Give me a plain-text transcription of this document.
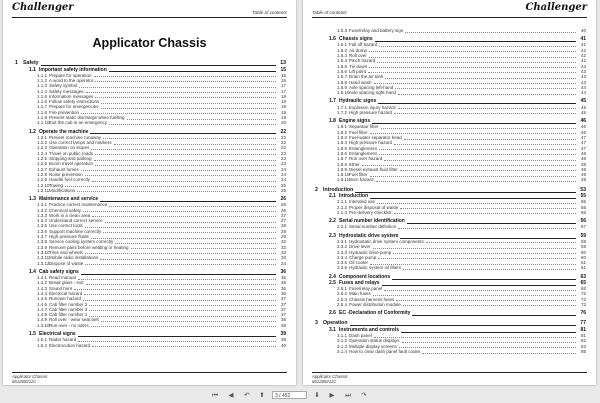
Challenger	Table of contents
Applicator Chassis
1 Safety	13
1.1 Important safety information	15
1.1.1 Prepare for operation	15
1.1.2 A word to the operator	16
1.1.3 Safety symbol	17
1.1.4 Safety messages	17
1.1.5 Information messages	18
1.1.6 Follow safety instructions	18
1.1.7 Prepare for emergencies	19
1.1.8 Fire prevention	19
1.1.9 Prevent static discharge when fuelling	19
1.1.10 Exit the cab in an emergency	20
1.2 Operate the machine	22
1.2.1 Prevent machine runaway	22
1.2.2 Use correct lamps and markers	22
1.2.3 Operation on slopes	22
1.2.4 Travel on public roads	23
1.2.5 Stopping and parking	23
1.2.6 Boom travel operation	23
1.2.7 Exhaust fumes	24
1.2.8 Noise prevention	24
1.2.9 Handle fuel correctly	24
1.2.10 Towing	25
1.2.11 Modifications	25
1.3 Maintenance and service	26
1.3.1 Practice correct maintenance	26
1.3.2 Chemical safety	26
1.3.3 Work in a clean area	27
1.3.4 Understand correct service	27
1.3.5 Use correct tools	28
1.3.6 Support machine correctly	28
1.3.7 High pressure fluids	29
1.3.8 Service cooling system correctly	32
1.3.9 Remove paint before welding or heating	32
1.3.10 Tires and wheels	33
1.3.11 Mobile radio installations	33
1.3.12 Dispose of waste	34
1.4 Cab safety signs	36
1.4.1 Read manual	36
1.4.2 Break glass - exit	36
1.4.3 Sound horn	36
1.4.4 Electrical hazard	36
1.4.5 Runover hazard	37
1.4.6 Cab filter number 2	37
1.4.7 Cab filter number 3	37
1.4.8 Cab filter number 1	37
1.4.9 Roll over - wear seat belt	38
1.4.10 Run over - no riders	38
1.5 Electrical signs	39
1.5.1 Radar hazard	39
1.5.2 Electrocution hazard	40
Applicator Chassis
661268211C
Table of contents	Challenger
1.5.3 Fuse/relay and battery sign	40
1.6 Chassis signs	41
1.6.1 Fall off hazard	41
1.6.2 Air dump	42
1.6.3 Roll over	42
1.6.4 Pinch hazard	42
1.6.5 Tie down	43
1.6.6 Lift point	43
1.6.7 Drain the air tank	43
1.6.8 Hand wash	43
1.6.9 Axle spacing left-hand	44
1.6.10 Axle spacing right-hand	44
1.7 Hydraulic signs	45
1.7.1 Explosion injury hazard	45
1.7.2 High pressure hazard	45
1.8 Engine signs	46
1.8.1 Separator filter	46
1.8.2 Fuel filter	46
1.8.3 Fuel-water separator head	47
1.8.4 High pressure hazard	47
1.8.5 Entanglement	47
1.8.6 Entanglement	48
1.8.7 Run over hazard	48
1.8.8 Ether	48
1.8.9 Diesel exhaust fluid filter	49
1.8.10 Fuel filter	49
1.8.11 Burn hazard	49
2 Introduction	53
2.1 Introduction	55
2.1.1 Intended use	55
2.1.2 Proper disposal of waste	55
2.1.3 Pre-delivery checklist	55
2.2 Serial number identification	56
2.2.1 Serial number definition	57
2.3 Hydrostatic drive system	59
2.3.1 Hydrostatic drive system components	59
2.3.2 Drive lever	59
2.3.3 Hydraulic drive pump	60
2.3.4 Charge pump	60
2.3.5 Oil cooler	61
2.3.6 Hydraulic system oil filters	61
2.4 Component locations	63
2.5 Fuses and relays	65
2.5.1 Fuse/relay panel	65
2.5.2 Main fuses	72
2.5.3 Chassis harness fuses	72
2.5.4 Power distribution module	73
2.6 EC -Declaration of Conformity	76
3 Operation	77
3.1 Instruments and controls	81
3.1.1 Dash panel	81
3.1.2 Operation status displays	82
3.1.3 Multiple display screens	83
3.1.4 How to clear dash panel fault codes	85
Applicator Chassis
661268211C
⏮	◀	↶	⬆	3 / 452	⬇	▶	⏭	↷
